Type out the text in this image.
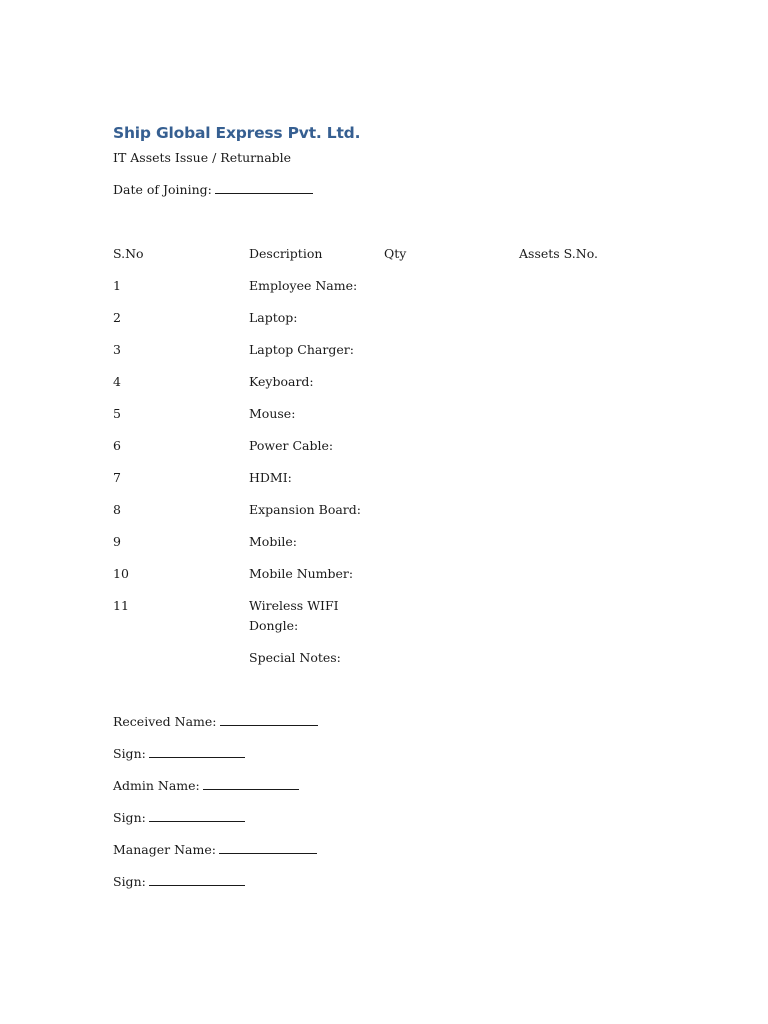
Ship Global Express Pvt. Ltd.
IT Assets Issue / Returnable
Date of Joining:
S.No	Description	Qty	Assets S.No.
1	Employee Name:
2	Laptop:
3	Laptop Charger:
4	Keyboard:
5	Mouse:
6	Power Cable:
7	HDMI:
8	Expansion Board:
9	Mobile:
10	Mobile Number:
11	Wireless WIFI Dongle:
Special Notes:
Received Name:
Sign:
Admin Name:
Sign:
Manager Name:
Sign:
